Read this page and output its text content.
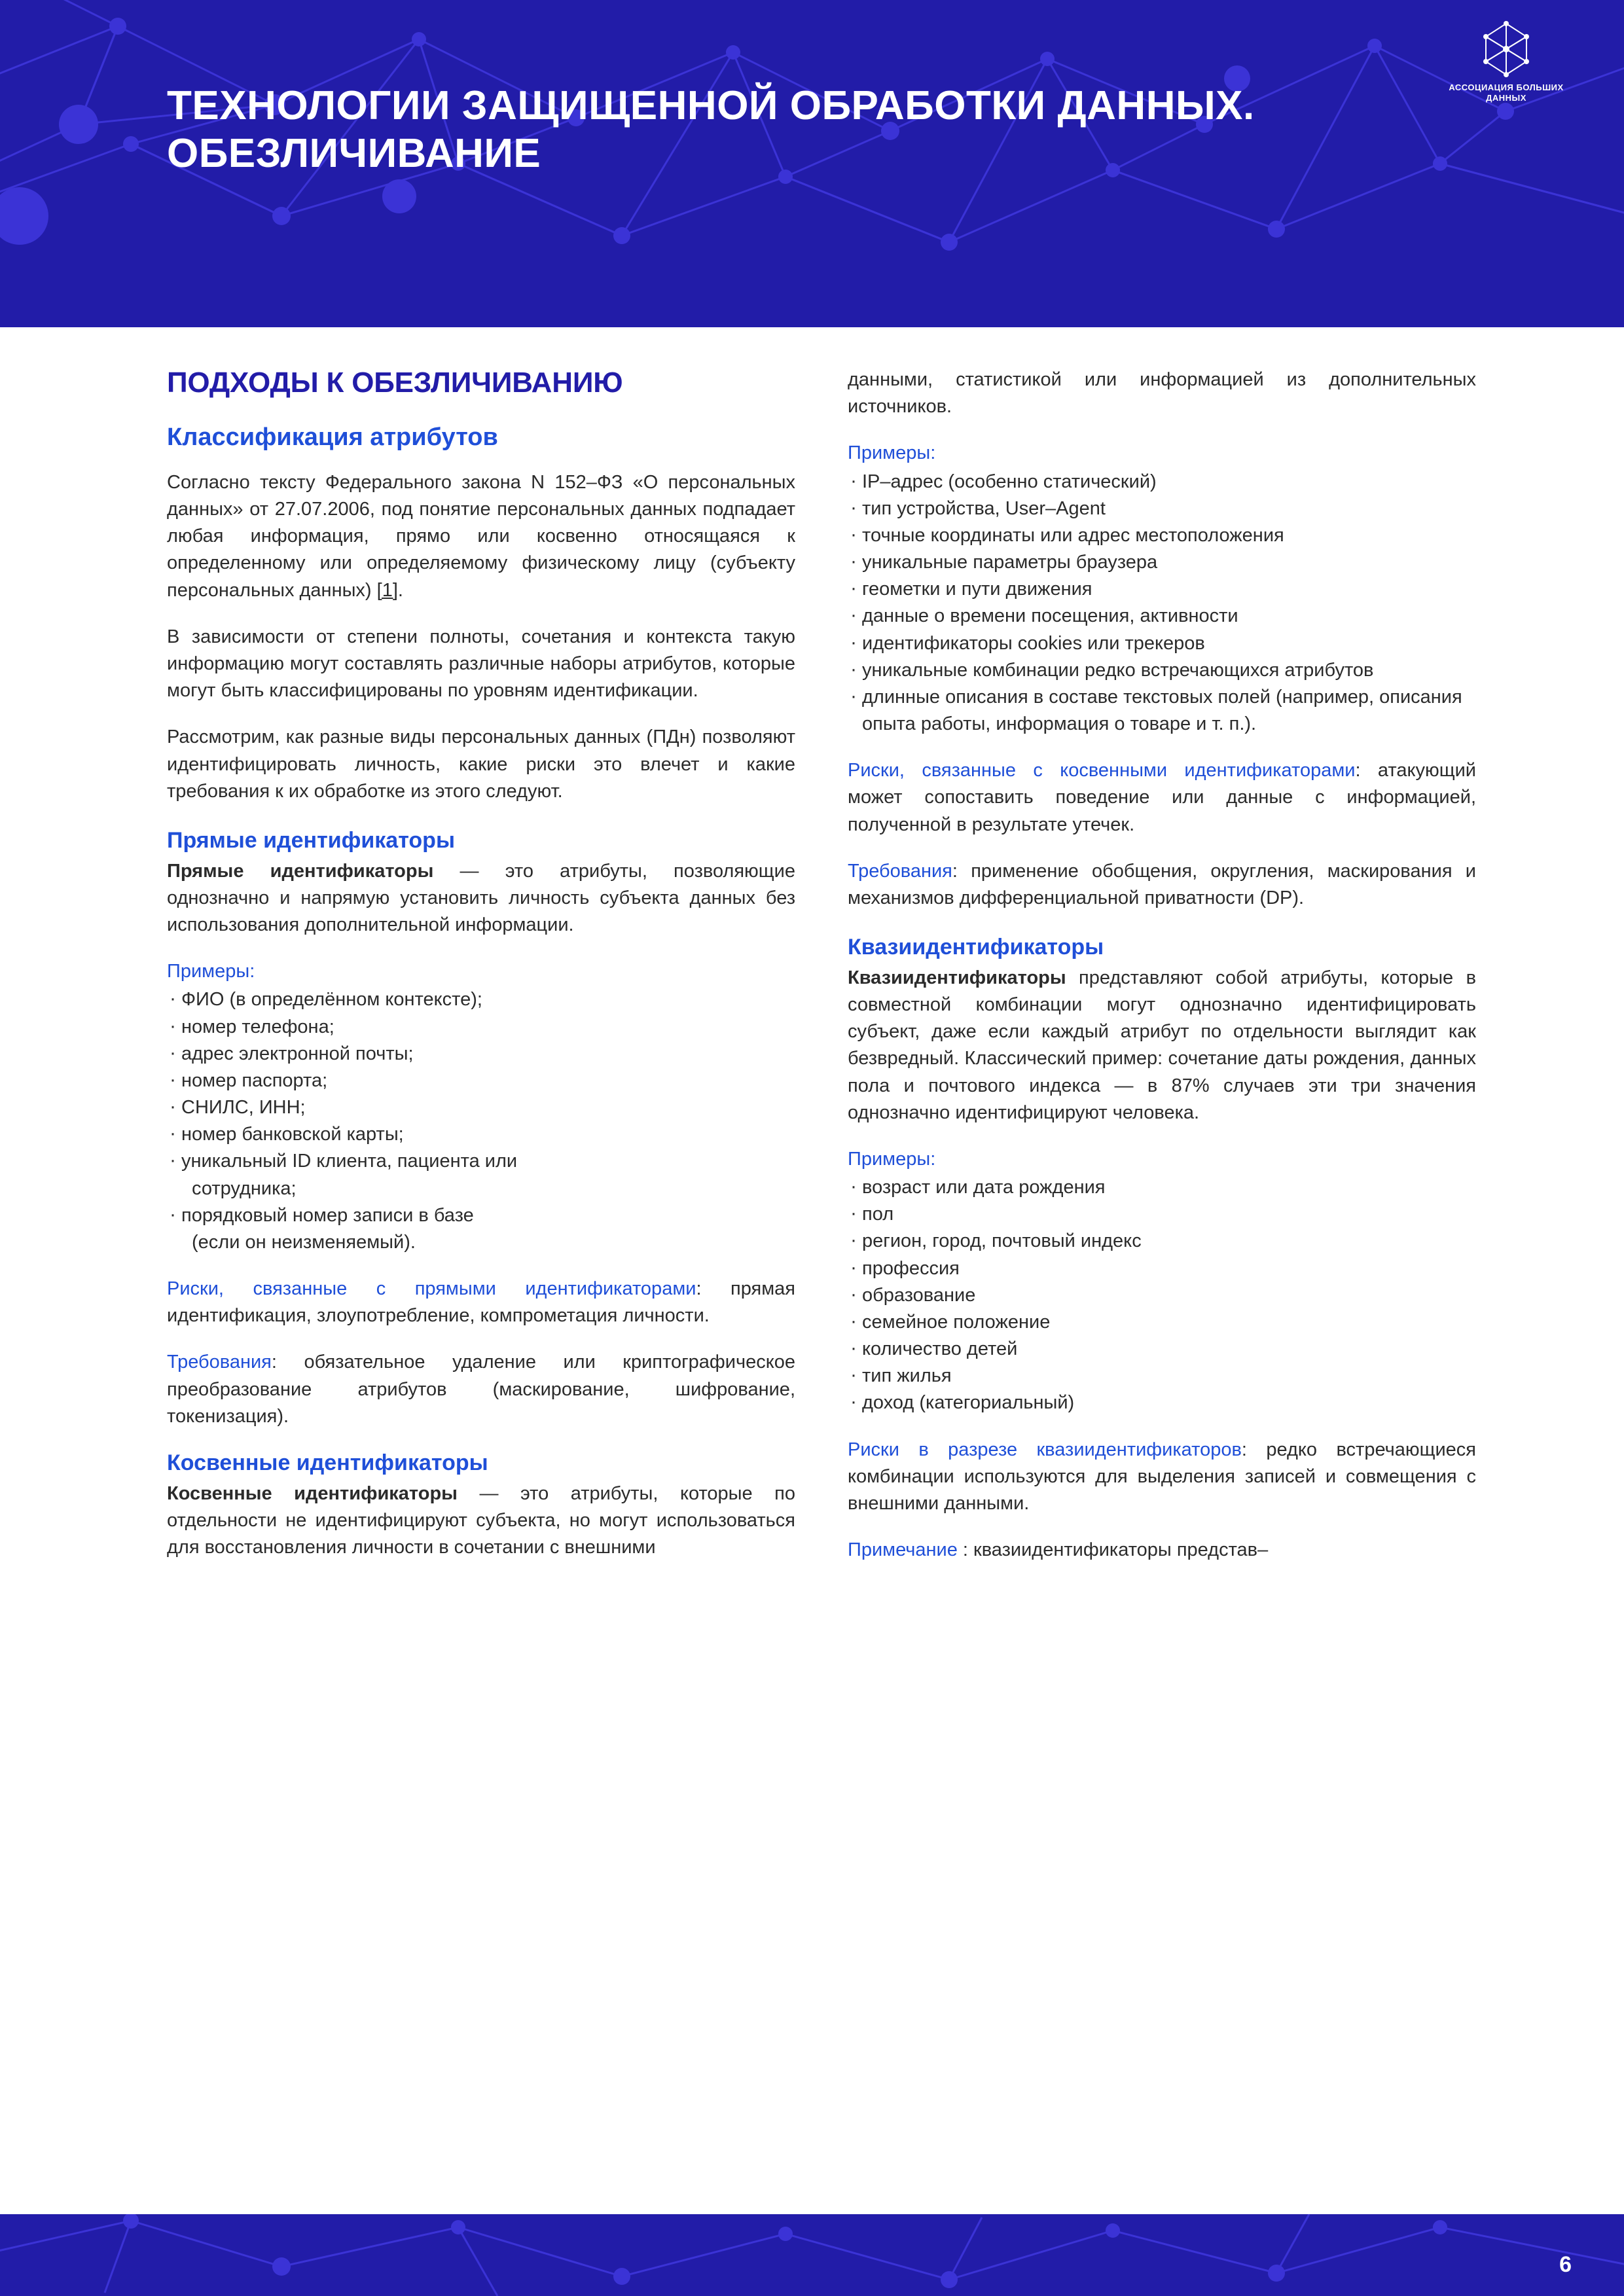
ТЕХНОЛОГИИ ЗАЩИЩЕННОЙ ОБРАБОТКИ ДАННЫХ. ОБЕЗЛИЧИВАНИЕ
АССОЦИАЦИЯ БОЛЬШИХ ДАННЫХ
ПОДХОДЫ К ОБЕЗЛИЧИВАНИЮ
Классификация атрибутов

Согласно тексту Федерального закона N 152–ФЗ «О персональных данных» от 27.07.2006, под понятие персональных данных подпадает любая информация, прямо или косвенно относящаяся к определенному или определяемому физическому лицу (субъекту персональных данных) [1].

В зависимости от степени полноты, сочетания и контекста такую информацию могут составлять различные наборы атрибутов, которые могут быть классифицированы по уровням идентификации.

Рассмотрим, как разные виды персональных данных (ПДн) позволяют идентифицировать личность, какие риски это влечет и какие требования к их обработке из этого следуют.

Прямые идентификаторы

Прямые идентификаторы — это атрибуты, позволяющие однозначно и напрямую установить личность субъекта данных без использования дополнительной информации.

Примеры:
· ФИО (в определённом контексте);
· номер телефона;
· адрес электронной почты;
· номер паспорта;
· СНИЛС, ИНН;
· номер банковской карты;
· уникальный ID клиента, пациента или
сотрудника;
· порядковый номер записи в базе
(если он неизменяемый).

Риски, связанные с прямыми идентификаторами: прямая идентификация, злоупотребление, компрометация личности.

Требования: обязательное удаление или криптографическое преобразование атрибутов (маскирование, шифрование, токенизация).

Косвенные идентификаторы

Косвенные идентификаторы — это атрибуты, которые по отдельности не идентифицируют субъекта, но могут использоваться для восстановления личности в сочетании с внешними

данными, статистикой или информацией из дополнительных источников.

Примеры:
· IP–адрес (особенно статический)
· тип устройства, User–Agent
· точные координаты или адрес местоположения
· уникальные параметры браузера
· геометки и пути движения
· данные о времени посещения, активности
· идентификаторы cookies или трекеров
· уникальные комбинации редко встречающихся атрибутов
· длинные описания в составе текстовых полей (например, описания опыта работы, информация о товаре и т. п.).

Риски, связанные с косвенными идентификаторами: атакующий может сопоставить поведение или данные с информацией, полученной в результате утечек.

Требования: применение обобщения, округления, маскирования и механизмов дифференциальной приватности (DP).

Квазиидентификаторы

Квазиидентификаторы представляют собой атрибуты, которые в совместной комбинации могут однозначно идентифицировать субъект, даже если каждый атрибут по отдельности выглядит как безвредный. Классический пример: сочетание даты рождения, данных пола и почтового индекса — в 87% случаев эти три значения однозначно идентифицируют человека.

Примеры:
· возраст или дата рождения
· пол
· регион, город, почтовый индекс
· профессия
· образование
· семейное положение
· количество детей
· тип жилья
· доход (категориальный)

Риски в разрезе квазиидентификаторов: редко встречающиеся комбинации используются для выделения записей и совмещения с внешними данными.

Примечание : квазиидентификаторы представ–

6
